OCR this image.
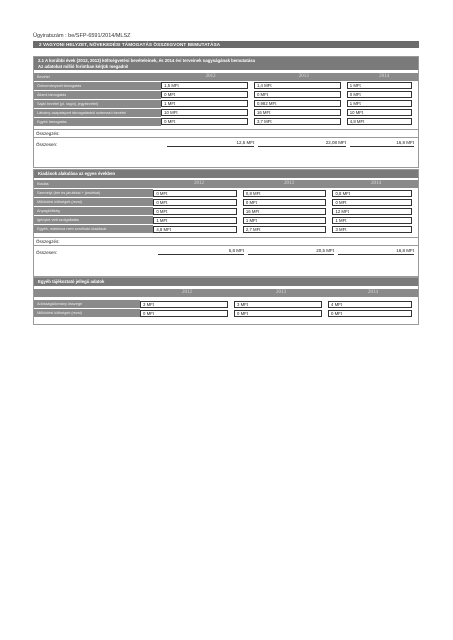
Ügyiratszám : be/SFP-6591/2014/MLSZ
2 VAGYONI HELYZET, NÖVEKEDÉSI TÁMOGATÁS ÖSSZEGVONT BEMUTATÁSA
2.1 A korábbi évek (2012, 2013) költségvetési bevételeinek, és 2014 évi terveinek nagyságának bemutatása
Az adatokat millió forintban kérjük megadni!
Bevétel	2012	2013	2014
Önkormányzati támogatás	1,5 MFt	1,4 MFt	1 MFt
Állami támogatás	0 MFt	0 MFt	0 MFt
Saját bevétel (pl. tagdíj, jegybevétel)	1 MFt	0,982 MFt	1 MFt
Látvány-csapatsport támogatásból származó bevétel	10 MFt	16 MFt	10 MFt
Egyéb támogatás	0 MFt	3,7 MFt	4,8 MFt
Összegzés:
Összesen:	12,5 MFt	22,08 MFt	16,8 MFt
Kiadások alakulása az egyes években
Kiadás	2012	2013	2014
Személyi (bér és járulékai + járulékai)	0 MFt	0,8 MFt	0,8 MFt
Működési költségek (rezsi)	0 MFt	0 MFt	0 MFt
Anyagköltség	0 MFt	16 MFt	12 MFt
Igénybe vett szolgáltatás	1 MFt	1 MFt	1 MFt
Egyéb, máshova nem sorolható kiadások	4,8 MFt	2,7 MFt	3 MFt
Összegzés:
Összesen:	5,8 MFt	20,5 MFt	16,8 MFt
Egyéb tájékoztató jellegű adatok
2012	2013	2014
Adósságállomány összege	3 MFt	3 MFt	4 MFt
Működési költségek (rezsi)	0 MFt	0 MFt	0 MFt
